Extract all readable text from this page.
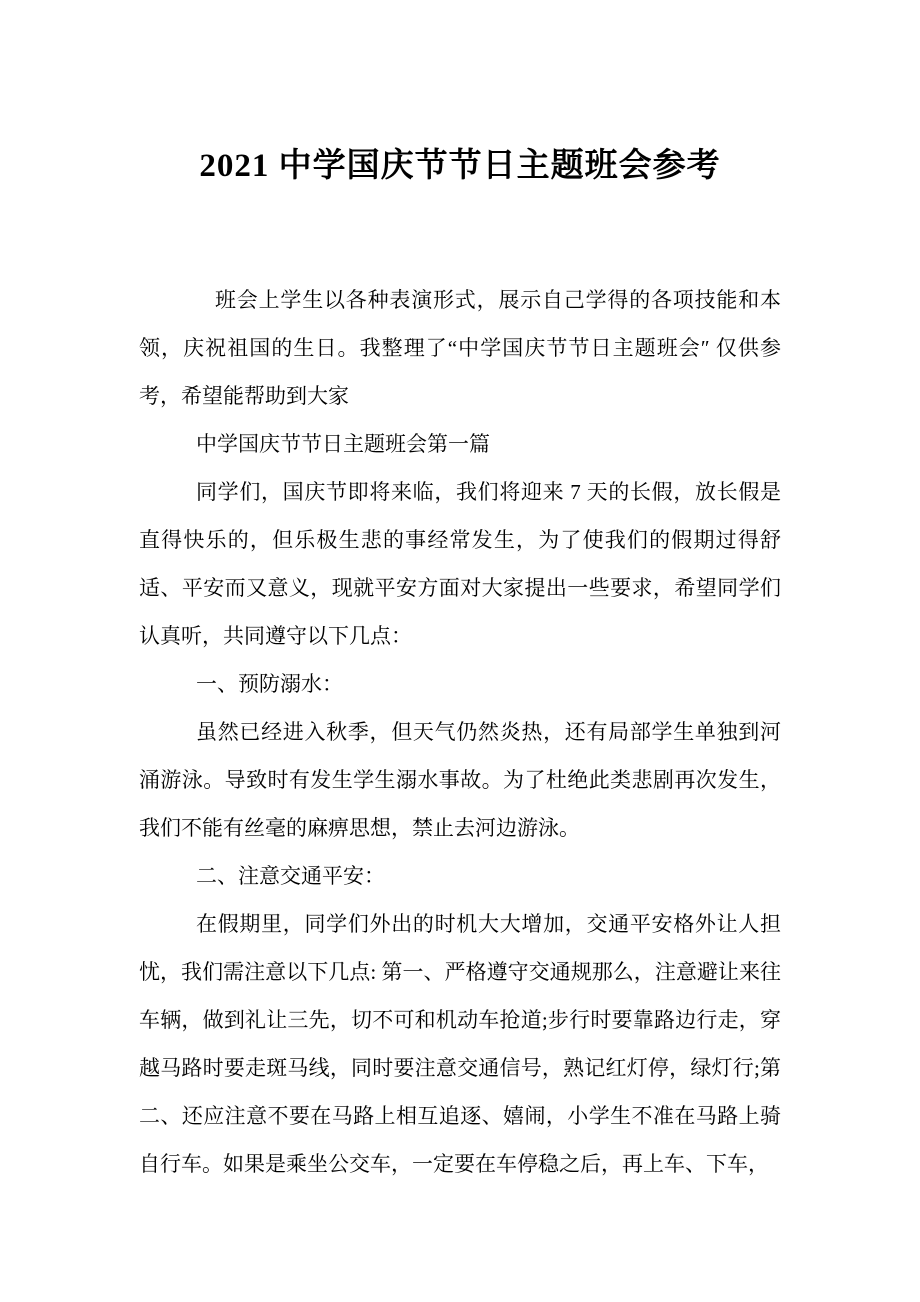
2021 中学国庆节节日主题班会参考

班会上学生以各种表演形式，展示自己学得的各项技能和本领，庆祝祖国的生日。我整理了“中学国庆节节日主题班会″ 仅供参考，希望能帮助到大家

中学国庆节节日主题班会第一篇

同学们，国庆节即将来临，我们将迎来 7 天的长假，放长假是直得快乐的，但乐极生悲的事经常发生，为了使我们的假期过得舒适、平安而又意义，现就平安方面对大家提出一些要求，希望同学们认真听，共同遵守以下几点：

一、预防溺水：

虽然已经进入秋季，但天气仍然炎热，还有局部学生单独到河涌游泳。导致时有发生学生溺水事故。为了杜绝此类悲剧再次发生，我们不能有丝毫的麻痹思想，禁止去河边游泳。

二、注意交通平安：

在假期里，同学们外出的时机大大增加，交通平安格外让人担忧，我们需注意以下几点: 第一、严格遵守交通规那么，注意避让来往车辆，做到礼让三先，切不可和机动车抢道;步行时要靠路边行走，穿越马路时要走斑马线，同时要注意交通信号，熟记红灯停，绿灯行;第二、还应注意不要在马路上相互追逐、嬉闹，小学生不准在马路上骑自行车。如果是乘坐公交车，一定要在车停稳之后，再上车、下车，
